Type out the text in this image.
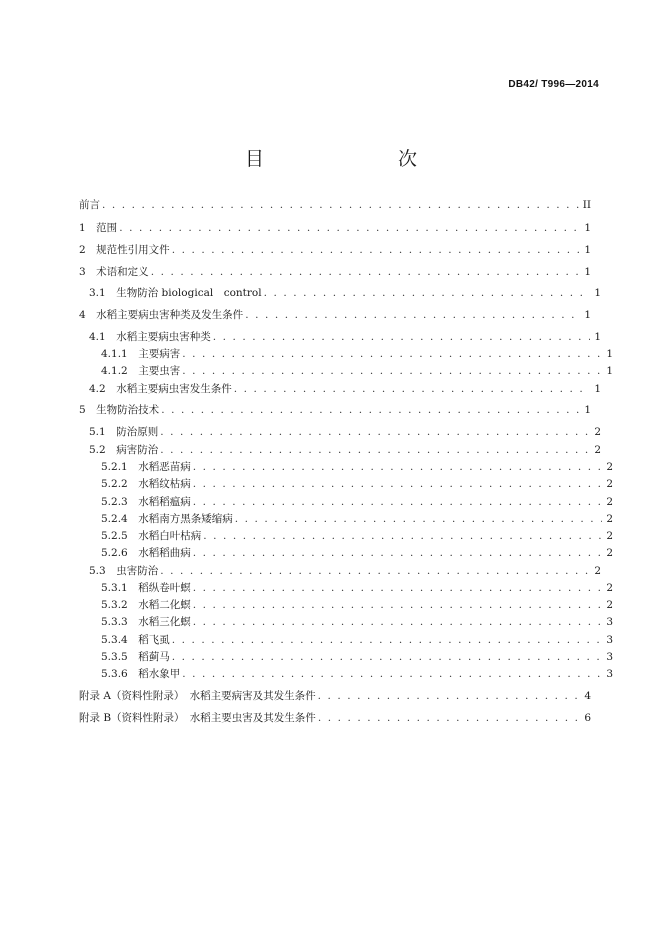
DB42/ T996—2014
目　　次
前言 . . .	II
1　范围 . . .	1
2　规范性引用文件 . . .	1
3　术语和定义 . . .	1
3.1　生物防治 biological　control . . .	1
4　水稻主要病虫害种类及发生条件 . . .	1
4.1　水稻主要病虫害种类 . . .	1
4.1.1　主要病害 . . .	1
4.1.2　主要虫害 . . .	1
4.2　水稻主要病虫害发生条件 . . .	1
5　生物防治技术 . . .	1
5.1　防治原则 . . .	2
5.2　病害防治 . . .	2
5.2.1　水稻恶苗病 . . .	2
5.2.2　水稻纹枯病 . . .	2
5.2.3　水稻稻瘟病 . . .	2
5.2.4　水稻南方黑条矮缩病 . . .	2
5.2.5　水稻白叶枯病 . . .	2
5.2.6　水稻稻曲病 . . .	2
5.3　虫害防治 . . .	2
5.3.1　稻纵卷叶螟 . . .	2
5.3.2　水稻二化螟 . . .	2
5.3.3　水稻三化螟 . . .	3
5.3.4　稻飞虱 . . .	3
5.3.5　稻蓟马 . . .	3
5.3.6　稻水象甲 . . .	3
附录 A（资料性附录）　水稻主要病害及其发生条件 . . .	4
附录 B（资料性附录）　水稻主要虫害及其发生条件 . . .	6
